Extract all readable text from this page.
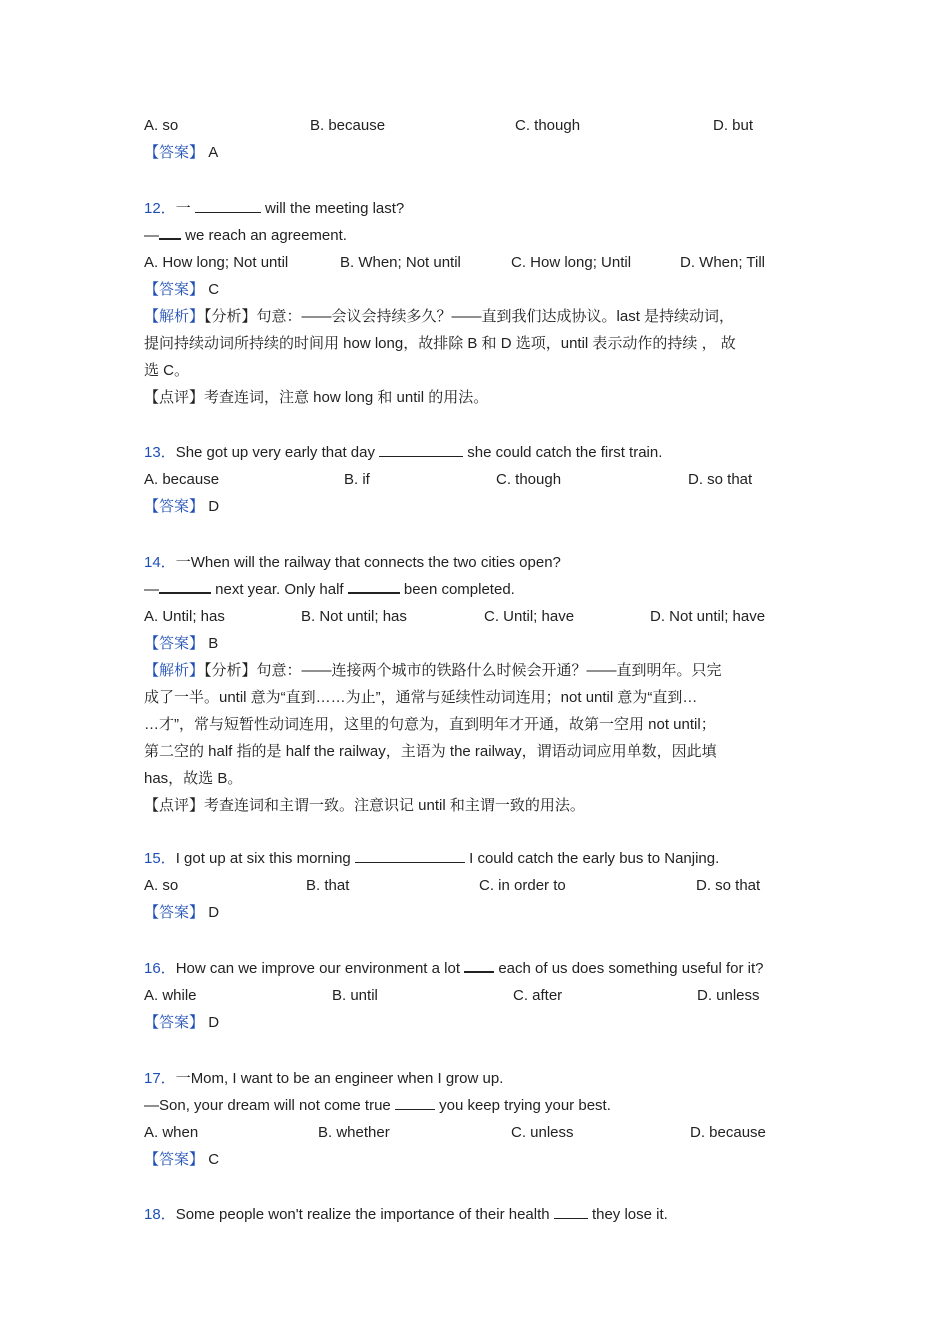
A. so	B. because	C. though	D. but
【答案】 A
12．一	will the meeting last?
— we reach an agreement.
A. How long; Not until	B. When; Not until	C. How long; Until	D. When; Till
【答案】 C
【解析】【分析】句意：——会议会持续多久？——直到我们达成协议。last 是持续动词，
提问持续动词所持续的时间用 how long，故排除 B 和 D 选项，until 表示动作的持续 ， 故
选 C。
【点评】考查连词，注意 how long 和 until 的用法。
13．She got up very early that day	she could catch the first train.
A. because	B. if	C. though	D. so that
【答案】 D
14．一When will the railway that connects the two cities open?
—	next year. Only half	been completed.
A. Until; has	B. Not until; has	C. Until; have	D. Not until; have
【答案】 B
【解析】【分析】句意：——连接两个城市的铁路什么时候会开通？——直到明年。只完
成了一半。until 意为“直到……为止”，通常与延续性动词连用；not until 意为“直到…
…才”，常与短暂性动词连用，这里的句意为，直到明年才开通，故第一空用 not until；
第二空的 half 指的是 half the railway，主语为 the railway，谓语动词应用单数，因此填
has，故选 B。
【点评】考查连词和主谓一致。注意识记 until 和主谓一致的用法。
15．I got up at six this morning	I could catch the early bus to Nanjing.
A. so	B. that	C. in order to	D. so that
【答案】 D
16．How can we improve our environment a lot  each of us does something useful for it?
A. while	B. until	C. after	D. unless
【答案】 D
17．一Mom, I want to be an engineer when I grow up.
—Son, your dream will not come true	you keep trying your best.
A. when	B. whether	C. unless	D. because
【答案】 C
18．Some people won't realize the importance of their health  they lose it.
